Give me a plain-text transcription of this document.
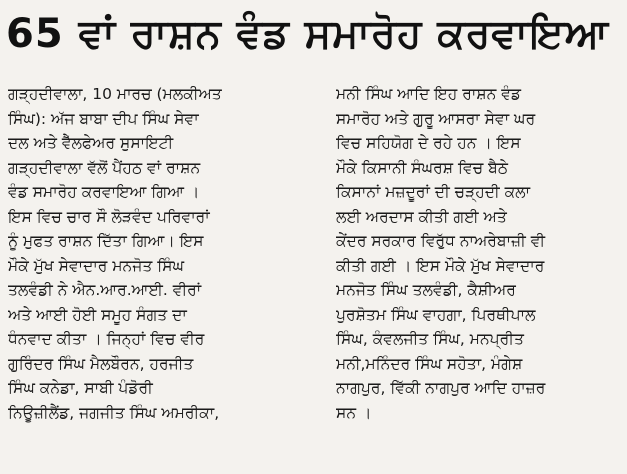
65 ਵਾਂ ਰਾਸ਼ਨ ਵੰਡ ਸਮਾਰੋਹ ਕਰਵਾਇਆ
ਗੜ੍ਹਦੀਵਾਲਾ, 10 ਮਾਰਚ (ਮਲਕੀਅਤ
ਸਿੰਘ): ਅੱਜ ਬਾਬਾ ਦੀਪ ਸਿੰਘ ਸੇਵਾ
ਦਲ ਅਤੇ ਵੈੱਲਫੇਅਰ ਸੁਸਾਇਟੀ
ਗੜ੍ਹਦੀਵਾਲਾ ਵੱਲੋਂ ਪੈਂਹਠ ਵਾਂ ਰਾਸ਼ਨ
ਵੰਡ ਸਮਾਰੋਹ ਕਰਵਾਇਆ ਗਿਆ ।
ਇਸ ਵਿਚ ਚਾਰ ਸੌ ਲੋੜਵੰਦ ਪਰਿਵਾਰਾਂ
ਨੂੰ ਮੁਫਤ ਰਾਸ਼ਨ ਦਿੱਤਾ ਗਿਆ। ਇਸ
ਮੌਕੇ ਮੁੱਖ ਸੇਵਾਦਾਰ ਮਨਜੋਤ ਸਿੰਘ
ਤਲਵੰਡੀ ਨੇ ਐਨ.ਆਰ.ਆਈ. ਵੀਰਾਂ
ਅਤੇ ਆਈ ਹੋਈ ਸਮੂਹ ਸੰਗਤ ਦਾ
ਧੰਨਵਾਦ ਕੀਤਾ । ਜਿਨ੍ਹਾਂ ਵਿਚ ਵੀਰ
ਗੁਰਿੰਦਰ ਸਿੰਘ ਮੈਲਬੌਰਨ, ਹਰਜੀਤ
ਸਿੰਘ ਕਨੇਡਾ, ਸਾਬੀ ਪੰਡੋਰੀ
ਨਿਊਜ਼ੀਲੈਂਡ, ਜਗਜੀਤ ਸਿੰਘ ਅਮਰੀਕਾ,
ਮਨੀ ਸਿੰਘ ਆਦਿ ਇਹ ਰਾਸ਼ਨ ਵੰਡ
ਸਮਾਰੋਹ ਅਤੇ ਗੁਰੂ ਆਸਰਾ ਸੇਵਾ ਘਰ
ਵਿਚ ਸਹਿਯੋਗ ਦੇ ਰਹੇ ਹਨ । ਇਸ
ਮੌਕੇ ਕਿਸਾਨੀ ਸੰਘਰਸ਼ ਵਿਚ ਬੈਠੇ
ਕਿਸਾਨਾਂ ਮਜ਼ਦੂਰਾਂ ਦੀ ਚੜ੍ਹਦੀ ਕਲਾ
ਲਈ ਅਰਦਾਸ ਕੀਤੀ ਗਈ ਅਤੇ
ਕੇਂਦਰ ਸਰਕਾਰ ਵਿਰੁੱਧ ਨਾਅਰੇਬਾਜ਼ੀ ਵੀ
ਕੀਤੀ ਗਈ । ਇਸ ਮੌਕੇ ਮੁੱਖ ਸੇਵਾਦਾਰ
ਮਨਜੋਤ ਸਿੰਘ ਤਲਵੰਡੀ, ਕੈਸ਼ੀਅਰ
ਪੁਰਸ਼ੋਤਮ ਸਿੰਘ ਵਾਹਗਾ, ਪਿਰਥੀਪਾਲ
ਸਿੰਘ, ਕੰਵਲਜੀਤ ਸਿੰਘ, ਮਨਪ੍ਰੀਤ
ਮਨੀ,ਮਨਿੰਦਰ ਸਿੰਘ ਸਹੋਤਾ, ਮੰਗੇਸ਼
ਨਾਗਪੁਰ, ਵਿੱਕੀ ਨਾਗਪੁਰ ਆਦਿ ਹਾਜ਼ਰ
ਸਨ ।
